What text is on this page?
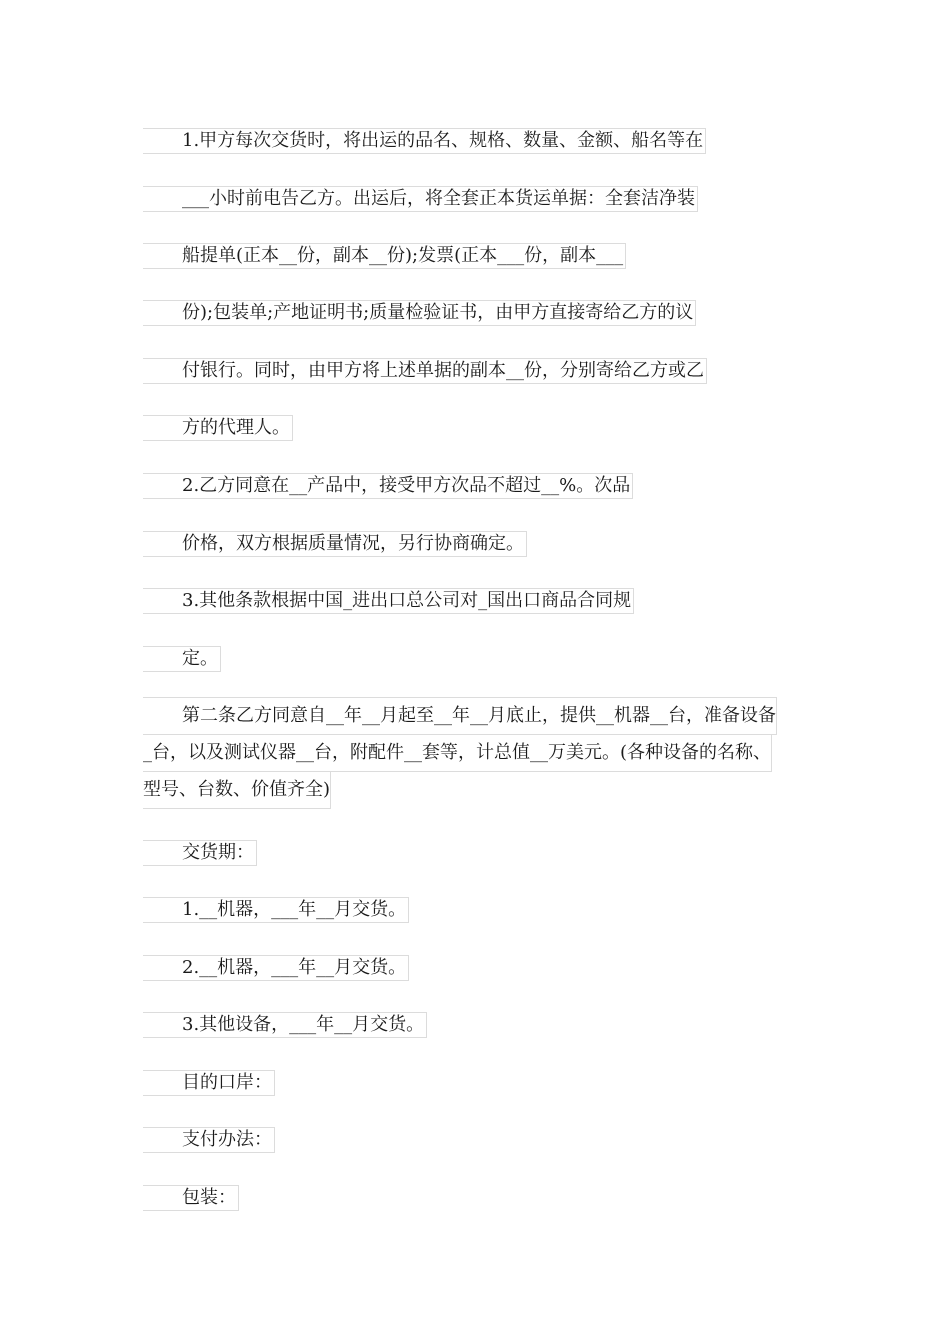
1.甲方每次交货时，将出运的品名、规格、数量、金额、船名等在
___小时前电告乙方。出运后，将全套正本货运单据：全套洁净装
船提单(正本__份，副本__份);发票(正本___份，副本___
份);包装单;产地证明书;质量检验证书，由甲方直接寄给乙方的议
付银行。同时，由甲方将上述单据的副本__份，分别寄给乙方或乙
方的代理人。
2.乙方同意在__产品中，接受甲方次品不超过__%。次品
价格，双方根据质量情况，另行协商确定。
3.其他条款根据中国_进出口总公司对_国出口商品合同规
定。
第二条乙方同意自__年__月起至__年__月底止，提供__机器__台，准备设备
_台，以及测试仪器__台，附配件__套等，计总值__万美元。(各种设备的名称、
型号、台数、价值齐全)
交货期：
1.__机器，___年__月交货。
2.__机器，___年__月交货。
3.其他设备，___年__月交货。
目的口岸：
支付办法：
包装：
